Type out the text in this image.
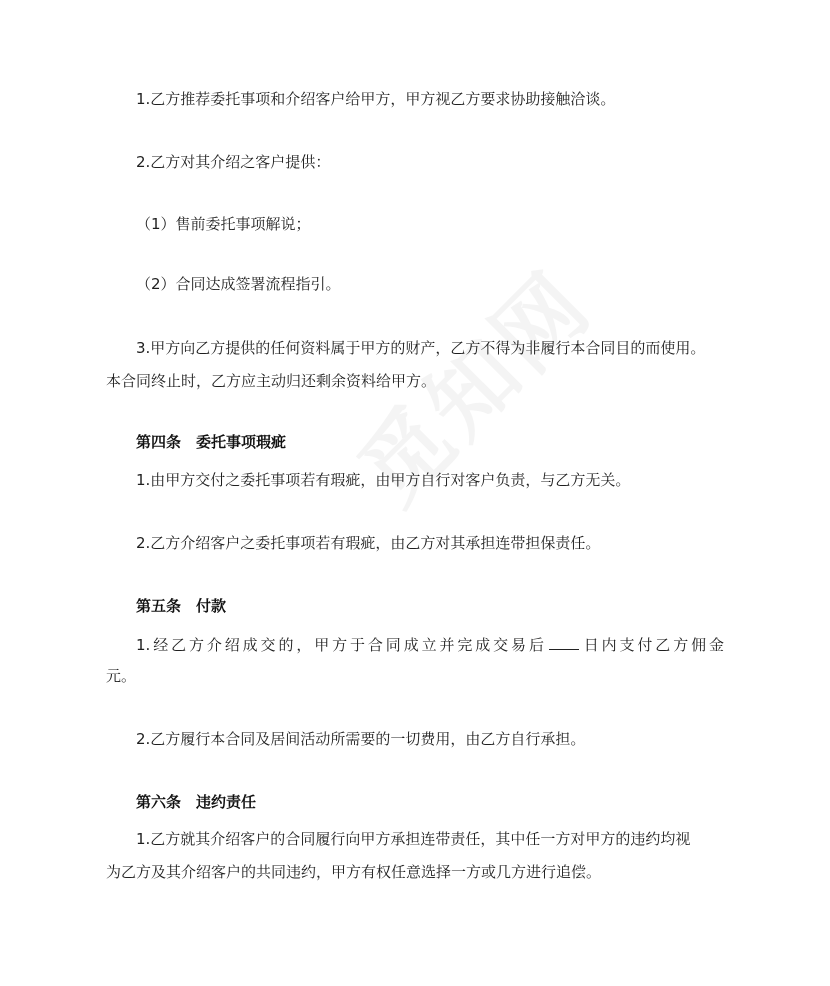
1.乙方推荐委托事项和介绍客户给甲方，甲方视乙方要求协助接触洽谈。
2.乙方对其介绍之客户提供：
（1）售前委托事项解说；
（2）合同达成签署流程指引。
3.甲方向乙方提供的任何资料属于甲方的财产，乙方不得为非履行本合同目的而使用。
本合同终止时，乙方应主动归还剩余资料给甲方。
第四条　委托事项瑕疵
1.由甲方交付之委托事项若有瑕疵，由甲方自行对客户负责，与乙方无关。
2.乙方介绍客户之委托事项若有瑕疵，由乙方对其承担连带担保责任。
第五条　付款
1.经乙方介绍成交的，甲方于合同成立并完成交易后 日内支付乙方佣金
元。
2.乙方履行本合同及居间活动所需要的一切费用，由乙方自行承担。
第六条　违约责任
1.乙方就其介绍客户的合同履行向甲方承担连带责任，其中任一方对甲方的违约均视
为乙方及其介绍客户的共同违约，甲方有权任意选择一方或几方进行追偿。
